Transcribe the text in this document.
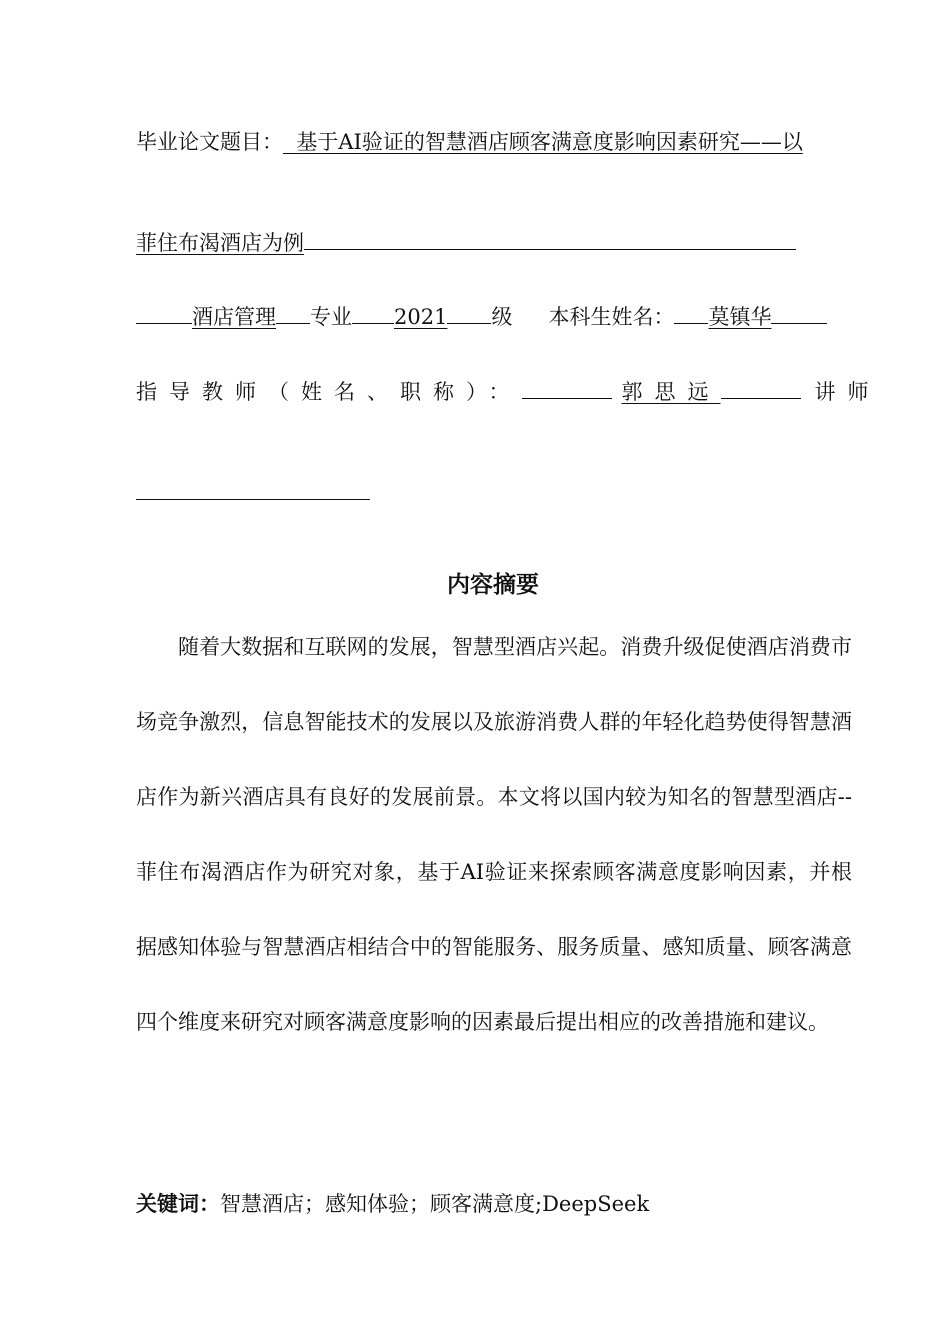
毕业论文题目： 基于AI验证的智慧酒店顾客满意度影响因素研究——以
菲住布渴酒店为例
酒店管理 专业 2021 级 本科生姓名： 莫镇华
指导教师（姓名、职称）：	郭思远	讲师
内容摘要
随着大数据和互联网的发展，智慧型酒店兴起。消费升级促使酒店消费市场竞争激烈，信息智能技术的发展以及旅游消费人群的年轻化趋势使得智慧酒店作为新兴酒店具有良好的发展前景。本文将以国内较为知名的智慧型酒店--菲住布渴酒店作为研究对象，基于AI验证来探索顾客满意度影响因素，并根据感知体验与智慧酒店相结合中的智能服务、服务质量、感知质量、顾客满意四个维度来研究对顾客满意度影响的因素最后提出相应的改善措施和建议。
关键词：智慧酒店；感知体验；顾客满意度;DeepSeek
